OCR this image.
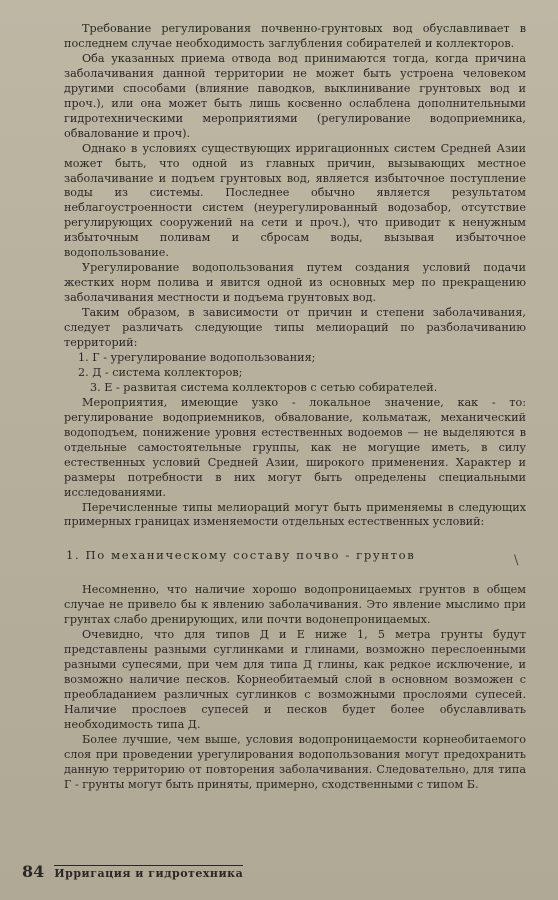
Требование регулирования почвенно-грунтовых вод обуславливает в последнем случае необходимость заглубления собирателей и коллекторов.

Оба указанных приема отвода вод принимаются тогда, когда причина заболачивания данной территории не может быть устроена человеком другими способами (влияние паводков, выклинивание грунтовых вод и проч.), или она может быть лишь косвенно ослаблена дополнительными гидротехническими мероприятиями (регулирование водоприемника, обвалование и проч).

Однако в условиях существующих ирригационных систем Средней Азии может быть, что одной из главных причин, вызывающих местное заболачивание и подъем грунтовых вод, является избыточное поступление воды из системы. Последнее обычно является результатом неблагоустроенности систем (неурегулированный водозабор, отсутствие регулирующих сооружений на сети и проч.), что приводит к ненужным избыточным поливам и сбросам воды, вызывая избыточное водопользование.

Урегулирование водопользования путем создания условий подачи жестких норм полива и явится одной из основных мер по прекращению заболачивания местности и подъема грунтовых вод.

Таким образом, в зависимости от причин и степени заболачивания, следует различать следующие типы мелиораций по разболачиванию территорий:

1. Г - урегулирование водопользования;

2. Д - система коллекторов;

3. Е - развитая система коллекторов с сетью собирателей.

Мероприятия, имеющие узко - локальное значение, как - то: регулирование водоприемников, обвалование, кольматаж, механический водоподъем, понижение уровня естественных водоемов — не выделяются в отдельные самостоятельные группы, как не могущие иметь, в силу естественных условий Средней Азии, широкого применения. Характер и размеры потребности в них могут быть определены специальными исследованиями.

Перечисленные типы мелиораций могут быть применяемы в следующих примерных границах изменяемости отдельных естественных условий:

1. По механическому составу почво - грунтов

Несомненно, что наличие хорошо водопроницаемых грунтов в общем случае не привело бы к явлению заболачивания. Это явление мыслимо при грунтах слабо дренирующих, или почти водонепроницаемых.

Очевидно, что для типов Д и Е ниже 1, 5 метра грунты будут представлены разными суглинками и глинами, возможно переслоенными разными супесями, при чем для типа Д глины, как редкое исключение, и возможно наличие песков. Корнеобитаемый слой в основном возможен с преобладанием различных суглинков с возможными прослоями супесей. Наличие прослоев супесей и песков будет более обуславливать необходимость типа Д.

Более лучшие, чем выше, условия водопроницаемости корнеобитаемого слоя при проведении урегулирования водопользования могут предохранить данную территорию от повторения заболачивания. Следовательно, для типа Г - грунты могут быть приняты, примерно, сходственными с типом Б.

\
84 Ирригация и гидротехника
